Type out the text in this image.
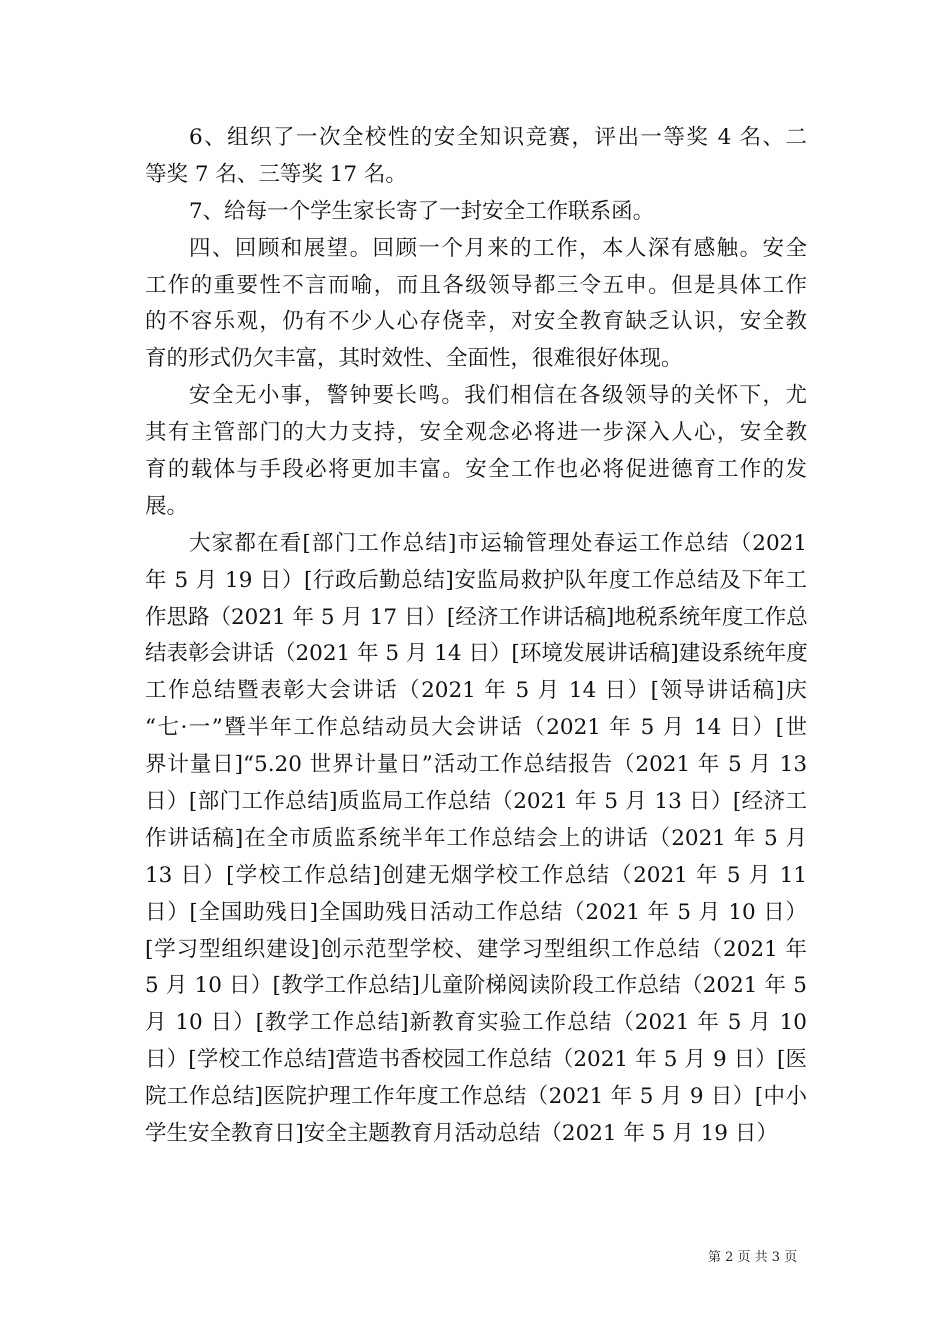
6、组织了一次全校性的安全知识竞赛，评出一等奖 4 名、二
等奖 7 名、三等奖 17 名。
7、给每一个学生家长寄了一封安全工作联系函。
四、回顾和展望。回顾一个月来的工作，本人深有感触。安全
工作的重要性不言而喻，而且各级领导都三令五申。但是具体工作
的不容乐观，仍有不少人心存侥幸，对安全教育缺乏认识，安全教
育的形式仍欠丰富，其时效性、全面性，很难很好体现。
安全无小事，警钟要长鸣。我们相信在各级领导的关怀下，尤
其有主管部门的大力支持，安全观念必将进一步深入人心，安全教
育的载体与手段必将更加丰富。安全工作也必将促进德育工作的发
展。
大家都在看[部门工作总结]市运输管理处春运工作总结（2021
年 5 月 19 日）[行政后勤总结]安监局救护队年度工作总结及下年工
作思路（2021 年 5 月 17 日）[经济工作讲话稿]地税系统年度工作总
结表彰会讲话（2021 年 5 月 14 日）[环境发展讲话稿]建设系统年度
工作总结暨表彰大会讲话（2021 年 5 月 14 日）[领导讲话稿]庆
“七·一”暨半年工作总结动员大会讲话（2021 年 5 月 14 日）[世
界计量日]“5.20 世界计量日”活动工作总结报告（2021 年 5 月 13
日）[部门工作总结]质监局工作总结（2021 年 5 月 13 日）[经济工
作讲话稿]在全市质监系统半年工作总结会上的讲话（2021 年 5 月
13 日）[学校工作总结]创建无烟学校工作总结（2021 年 5 月 11
日）[全国助残日]全国助残日活动工作总结（2021 年 5 月 10 日）
[学习型组织建设]创示范型学校、建学习型组织工作总结（2021 年
5 月 10 日）[教学工作总结]儿童阶梯阅读阶段工作总结（2021 年 5
月 10 日）[教学工作总结]新教育实验工作总结（2021 年 5 月 10
日）[学校工作总结]营造书香校园工作总结（2021 年 5 月 9 日）[医
院工作总结]医院护理工作年度工作总结（2021 年 5 月 9 日）[中小
学生安全教育日]安全主题教育月活动总结（2021 年 5 月 19 日）
第 2 页 共 3 页
